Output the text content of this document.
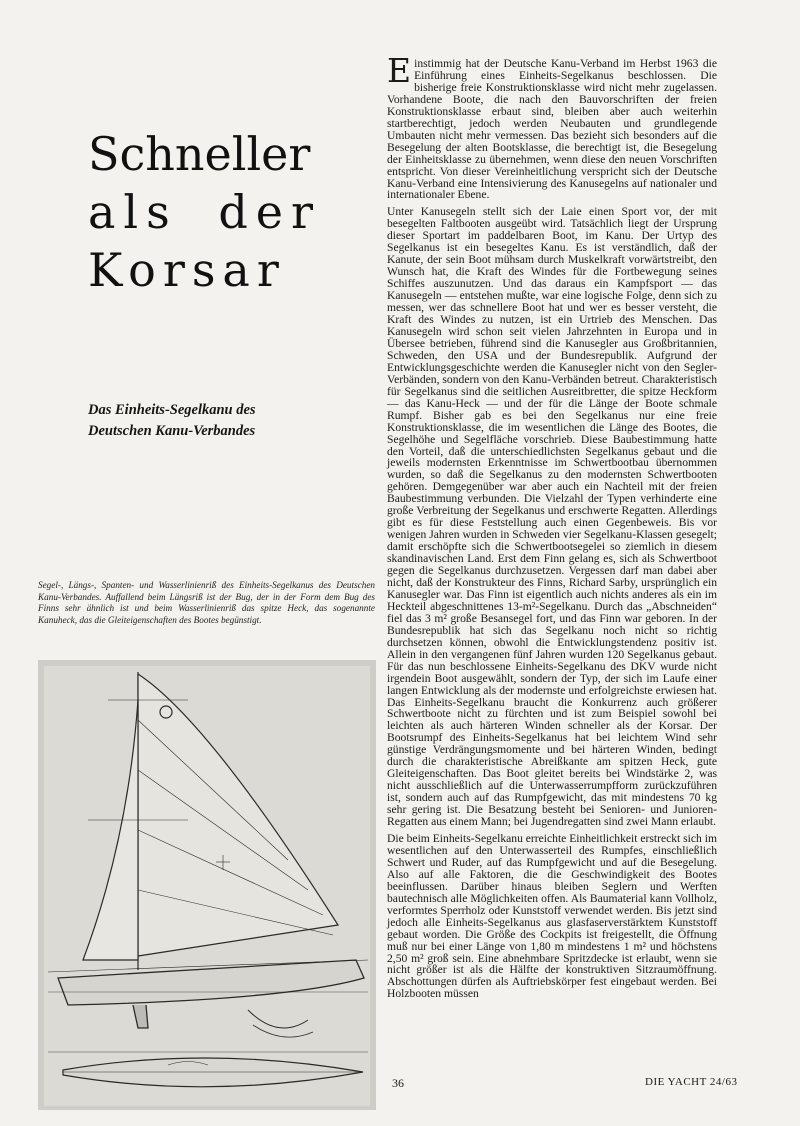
Schneller
als der
Korsar
Das Einheits-Segelkanu des
Deutschen Kanu-Verbandes
Segel-, Längs-, Spanten- und Wasserlinienriß des Einheits-Segelkanus des Deutschen Kanu-Verbandes. Auffallend beim Längsriß ist der Bug, der in der Form dem Bug des Finns sehr ähnlich ist und beim Wasserlinienriß das spitze Heck, das sogenannte Kanuheck, das die Gleiteigenschaften des Bootes begünstigt.

Einstimmig hat der Deutsche Kanu-Verband im Herbst 1963 die Einführung eines Einheits-Segelkanus beschlossen. Die bisherige freie Konstruktionsklasse wird nicht mehr zugelassen. Vorhandene Boote, die nach den Bauvorschriften der freien Konstruktionsklasse erbaut sind, bleiben aber auch weiterhin startberechtigt, jedoch werden Neubauten und grundlegende Umbauten nicht mehr vermessen. Das bezieht sich besonders auf die Besegelung der alten Bootsklasse, die berechtigt ist, die Besegelung der Einheitsklasse zu übernehmen, wenn diese den neuen Vorschriften entspricht. Von dieser Vereinheitlichung verspricht sich der Deutsche Kanu-Verband eine Intensivierung des Kanusegelns auf nationaler und internationaler Ebene.

Unter Kanusegeln stellt sich der Laie einen Sport vor, der mit besegelten Faltbooten ausgeübt wird. Tatsächlich liegt der Ursprung dieser Sportart im paddelbaren Boot, im Kanu. Der Urtyp des Segelkanus ist ein besegeltes Kanu. Es ist verständlich, daß der Kanute, der sein Boot mühsam durch Muskelkraft vorwärtstreibt, den Wunsch hat, die Kraft des Windes für die Fortbewegung seines Schiffes auszunutzen. Und das daraus ein Kampfsport — das Kanusegeln — entstehen mußte, war eine logische Folge, denn sich zu messen, wer das schnellere Boot hat und wer es besser versteht, die Kraft des Windes zu nutzen, ist ein Urtrieb des Menschen. Das Kanusegeln wird schon seit vielen Jahrzehnten in Europa und in Übersee betrieben, führend sind die Kanusegler aus Großbritannien, Schweden, den USA und der Bundesrepublik. Aufgrund der Entwicklungsgeschichte werden die Kanusegler nicht von den Segler-Verbänden, sondern von den Kanu-Verbänden betreut. Charakteristisch für Segelkanus sind die seitlichen Ausreitbretter, die spitze Heckform — das Kanu-Heck — und der für die Länge der Boote schmale Rumpf. Bisher gab es bei den Segelkanus nur eine freie Konstruktionsklasse, die im wesentlichen die Länge des Bootes, die Segelhöhe und Segelfläche vorschrieb. Diese Baubestimmung hatte den Vorteil, daß die unterschiedlichsten Segelkanus gebaut und die jeweils modernsten Erkenntnisse im Schwertbootbau übernommen wurden, so daß die Segelkanus zu den modernsten Schwertbooten gehören. Demgegenüber war aber auch ein Nachteil mit der freien Baubestimmung verbunden. Die Vielzahl der Typen verhinderte eine große Verbreitung der Segelkanus und erschwerte Regatten. Allerdings gibt es für diese Feststellung auch einen Gegenbeweis. Bis vor wenigen Jahren wurden in Schweden vier Segelkanu-Klassen gesegelt; damit erschöpfte sich die Schwertbootsegelei so ziemlich in diesem skandinavischen Land. Erst dem Finn gelang es, sich als Schwertboot gegen die Segelkanus durchzusetzen. Vergessen darf man dabei aber nicht, daß der Konstrukteur des Finns, Richard Sarby, ursprünglich ein Kanusegler war. Das Finn ist eigentlich auch nichts anderes als ein im Heckteil abgeschnittenes 13-m²-Segelkanu. Durch das „Abschneiden“ fiel das 3 m² große Besansegel fort, und das Finn war geboren. In der Bundesrepublik hat sich das Segelkanu noch nicht so richtig durchsetzen können, obwohl die Entwicklungstendenz positiv ist. Allein in den vergangenen fünf Jahren wurden 120 Segelkanus gebaut. Für das nun beschlossene Einheits-Segelkanu des DKV wurde nicht irgendein Boot ausgewählt, sondern der Typ, der sich im Laufe einer langen Entwicklung als der modernste und erfolgreichste erwiesen hat. Das Einheits-Segelkanu braucht die Konkurrenz auch größerer Schwertboote nicht zu fürchten und ist zum Beispiel sowohl bei leichten als auch härteren Winden schneller als der Korsar. Der Bootsrumpf des Einheits-Segelkanus hat bei leichtem Wind sehr günstige Verdrängungsmomente und bei härteren Winden, bedingt durch die charakteristische Abreißkante am spitzen Heck, gute Gleiteigenschaften. Das Boot gleitet bereits bei Windstärke 2, was nicht ausschließlich auf die Unterwasserrumpfform zurückzuführen ist, sondern auch auf das Rumpfgewicht, das mit mindestens 70 kg sehr gering ist. Die Besatzung besteht bei Senioren- und Junioren-Regatten aus einem Mann; bei Jugendregatten sind zwei Mann erlaubt.

Die beim Einheits-Segelkanu erreichte Einheitlichkeit erstreckt sich im wesentlichen auf den Unterwasserteil des Rumpfes, einschließlich Schwert und Ruder, auf das Rumpfgewicht und auf die Besegelung. Also auf alle Faktoren, die die Geschwindigkeit des Bootes beeinflussen. Darüber hinaus bleiben Seglern und Werften bautechnisch alle Möglichkeiten offen. Als Baumaterial kann Vollholz, verformtes Sperrholz oder Kunststoff verwendet werden. Bis jetzt sind jedoch alle Einheits-Segelkanus aus glasfaserverstärktem Kunststoff gebaut worden. Die Größe des Cockpits ist freigestellt, die Öffnung muß nur bei einer Länge von 1,80 m mindestens 1 m² und höchstens 2,50 m² groß sein. Eine abnehmbare Spritzdecke ist erlaubt, wenn sie nicht größer ist als die Hälfte der konstruktiven Sitzraumöffnung. Abschottungen dürfen als Auftriebskörper fest eingebaut werden. Bei Holzbooten müssen

36	DIE YACHT 24/63
